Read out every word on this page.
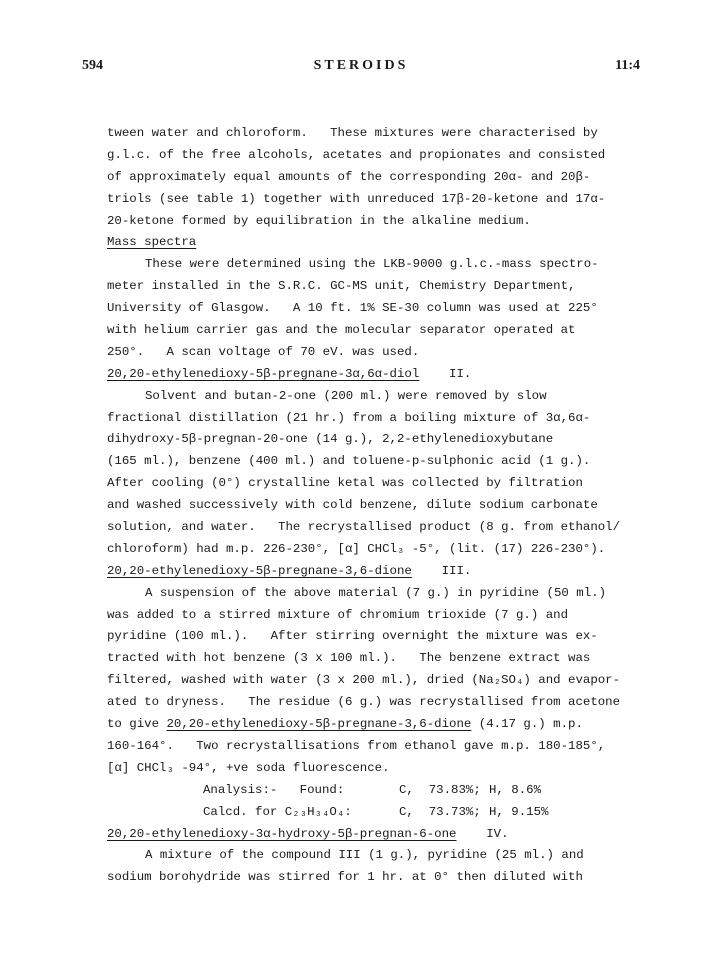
594	STEROIDS	11:4
tween water and chloroform.   These mixtures were characterised by
g.l.c. of the free alcohols, acetates and propionates and consisted
of approximately equal amounts of the corresponding 20α- and 20β-
triols (see table 1) together with unreduced 17β-20-ketone and 17α-
20-ketone formed by equilibration in the alkaline medium.
Mass spectra
These were determined using the LKB-9000 g.l.c.-mass spectro-
meter installed in the S.R.C. GC-MS unit, Chemistry Department,
University of Glasgow.   A 10 ft. 1% SE-30 column was used at 225°
with helium carrier gas and the molecular separator operated at
250°.   A scan voltage of 70 eV. was used.
20,20-ethylenedioxy-5β-pregnane-3α,6α-diol    II.
Solvent and butan-2-one (200 ml.) were removed by slow
fractional distillation (21 hr.) from a boiling mixture of 3α,6α-
dihydroxy-5β-pregnan-20-one (14 g.), 2,2-ethylenedioxybutane
(165 ml.), benzene (400 ml.) and toluene-p-sulphonic acid (1 g.).
After cooling (0°) crystalline ketal was collected by filtration
and washed successively with cold benzene, dilute sodium carbonate
solution, and water.   The recrystallised product (8 g. from ethanol/
chloroform) had m.p. 226-230°, [α] CHCl₃ -5°, (lit. (17) 226-230°).
20,20-ethylenedioxy-5β-pregnane-3,6-dione    III.
A suspension of the above material (7 g.) in pyridine (50 ml.)
was added to a stirred mixture of chromium trioxide (7 g.) and
pyridine (100 ml.).   After stirring overnight the mixture was ex-
tracted with hot benzene (3 x 100 ml.).   The benzene extract was
filtered, washed with water (3 x 200 ml.), dried (Na₂SO₄) and evapor-
ated to dryness.   The residue (6 g.) was recrystallised from acetone
to give 20,20-ethylenedioxy-5β-pregnane-3,6-dione (4.17 g.) m.p.
160-164°.   Two recrystallisations from ethanol gave m.p. 180-185°,
[α] CHCl₃ -94°, +ve soda fluorescence.
Analysis:-   Found:	C,  73.83%; H, 8.6%
Calcd. for C₂₃H₃₄O₄:	C,  73.73%; H, 9.15%
20,20-ethylenedioxy-3α-hydroxy-5β-pregnan-6-one    IV.
A mixture of the compound III (1 g.), pyridine (25 ml.) and
sodium borohydride was stirred for 1 hr. at 0° then diluted with
